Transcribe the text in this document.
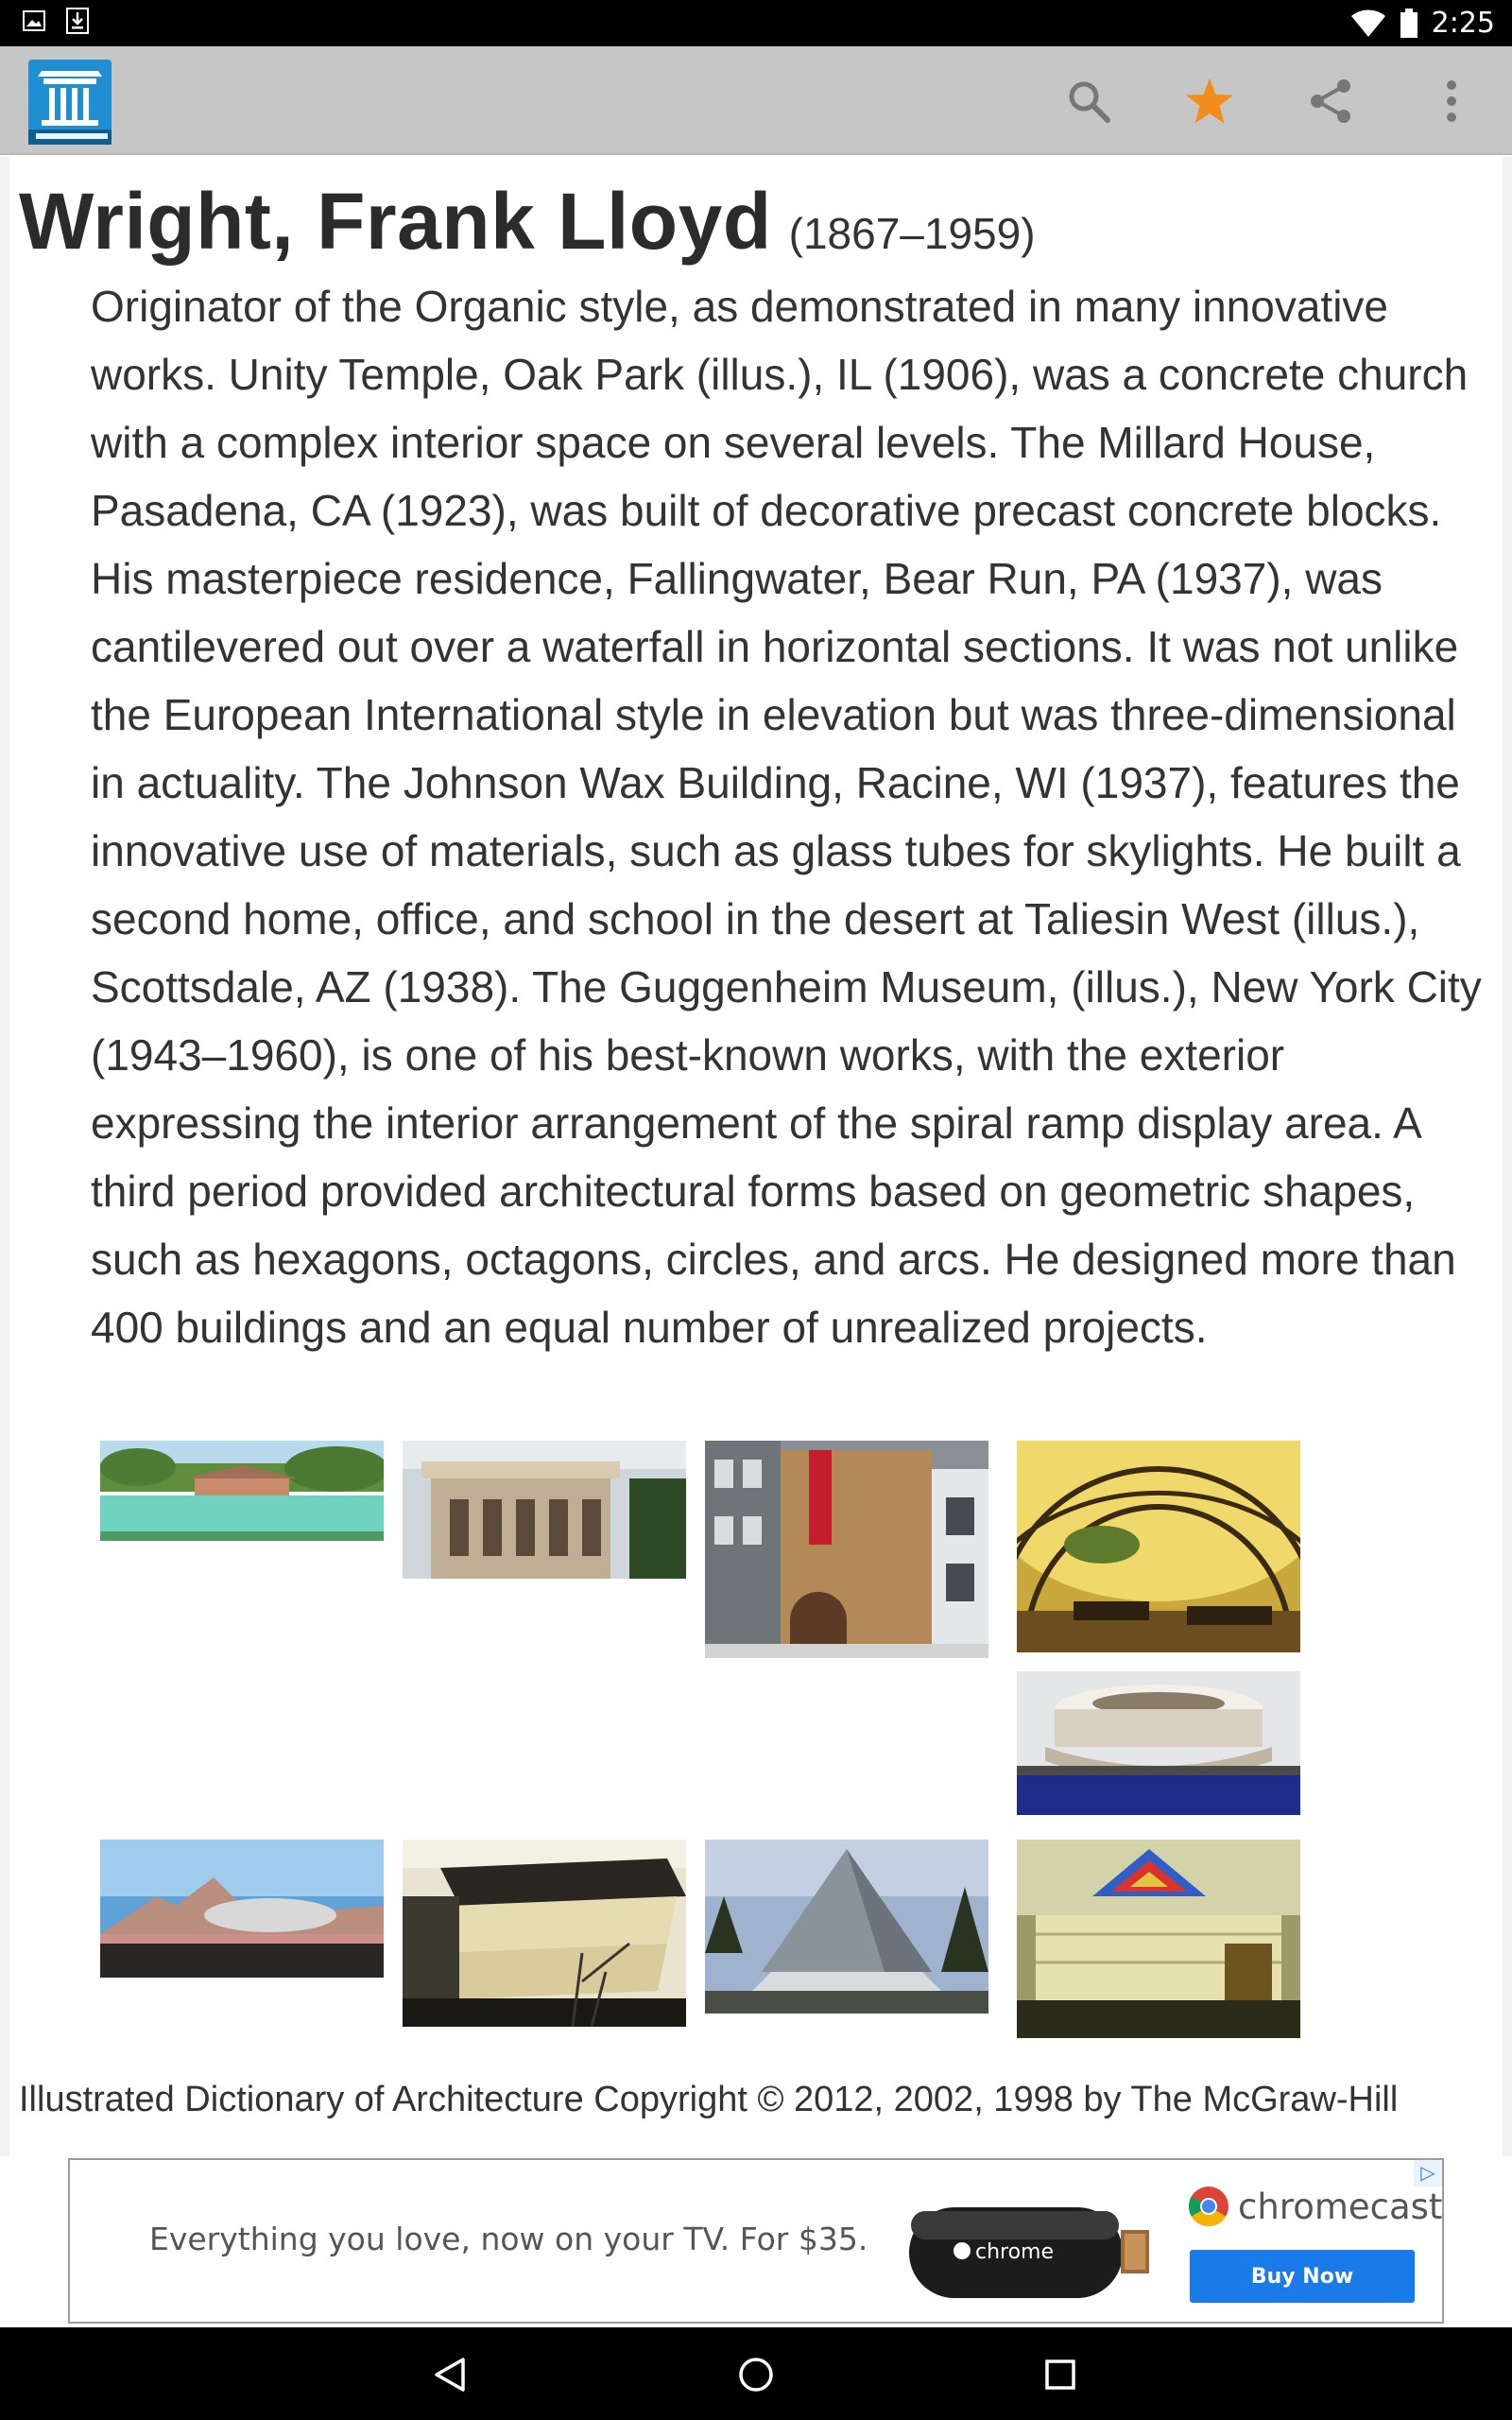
2:25
Wright, Frank Lloyd (1867–1959)

Originator of the Organic style, as demonstrated in many innovative works. Unity Temple, Oak Park (illus.), IL (1906), was a concrete church with a complex interior space on several levels. The Millard House, Pasadena, CA (1923), was built of decorative precast concrete blocks. His masterpiece residence, Fallingwater, Bear Run, PA (1937), was cantilevered out over a waterfall in horizontal sections. It was not unlike the European International style in elevation but was three-dimensional in actuality. The Johnson Wax Building, Racine, WI (1937), features the innovative use of materials, such as glass tubes for skylights. He built a second home, office, and school in the desert at Taliesin West (illus.), Scottsdale, AZ (1938). The Guggenheim Museum, (illus.), New York City (1943–1960), is one of his best-known works, with the exterior expressing the interior arrangement of the spiral ramp display area. A third period provided architectural forms based on geometric shapes, such as hexagons, octagons, circles, and arcs. He designed more than 400 buildings and an equal number of unrealized projects.

Illustrated Dictionary of Architecture Copyright © 2012, 2002, 1998 by The McGraw-Hill
Everything you love, now on your TV. For $35.	chrome
chromecast
Buy Now
▷
